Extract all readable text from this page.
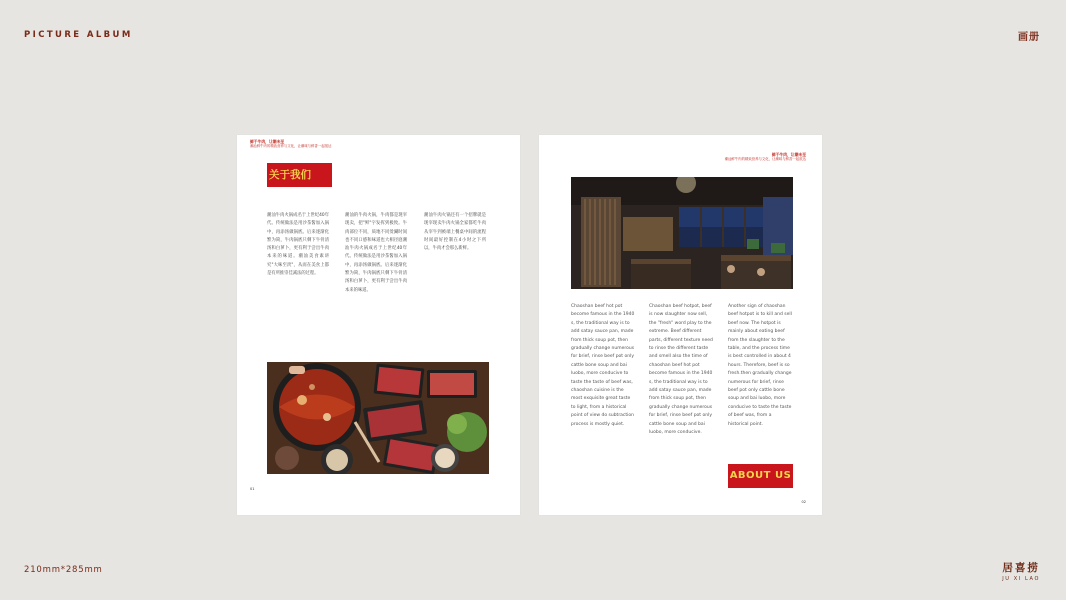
PICTURE ALBUM	画册
210mm*285mm	居喜捞
JU XI LAO
鲜于牛肉，让潮未至
潮汕鲜牛肉的精致营养与文化，让潮味与鲜香一起抵达
关于我们
潮汕牛肉火锅成名于上世纪40年代。传统做法是用沙茶酱加入锅中，再添汤做锅底。后来逐渐化繁为简，牛肉锅底只剩下牛骨清汤和白萝卜，更有利于尝出牛肉本来的味道。潮汕美食素讲究"大味至淡"，从而在美食上都是有所推崇佳减法的过程。
潮汕的牛肉火锅，牛肉都是现宰现卖，把"鲜"字发挥到极致。牛肉部位不同，质地不同烫涮时间也不同口感和味道也大相径庭潮汕牛肉火锅成名于上世纪40年代。传统做法是用沙茶酱加入锅中，再添汤做锅底。后来逐渐化繁为简，牛肉锅底只剩下牛骨清汤和白萝卜，更有利于尝出牛肉本来的味道。
潮汕牛肉火锅还有一个招牌就是现宰现卖牛肉火锅全家都吃牛肉从宰牛到被端上餐桌中间的流程时间最好控制在4小时之下所以，牛肉才会那么新鲜。
01
鲜于牛肉，让潮未至
潮汕鲜牛肉的精致营养与文化，让潮味与鲜香一起抵达
Chaoshan beef hot pot become famous in the 1940 s, the traditional way is to add satay sauce pan, made from thick soup pot, then gradually change numerous for brief, rinse beef pot only cattle bone soup and bai luobo, more conducive to taste the taste of beef was, chaoshan cuisine is the most exquisite great taste to light, from a historical point of view do subtraction process is mostly quiet.
Chaoshan beef hotpot, beef is now slaughter now sell, the "fresh" word play to the extreme. Beef different parts, different texture need to rinse the different taste and smell also the time of chaoshan beef hot pot become famous in the 1940 s, the traditional way is to add satay sauce pan, made from thick soup pot, then gradually change numerous for brief, rinse beef pot only cattle bone soup and bai luobo, more conducive.
Another sign of chaoshan beef hotpot is to kill and sell beef now. The hotpot is mainly about eating beef from the slaughter to the table, and the process time is best controlled in about 4 hours. Therefore, beef is so fresh.then gradually change numerous for brief, rinse beef pot only cattle bone soup and bai luobo, more conducive to taste the taste of beef was, from a historical point.
ABOUT US
02
